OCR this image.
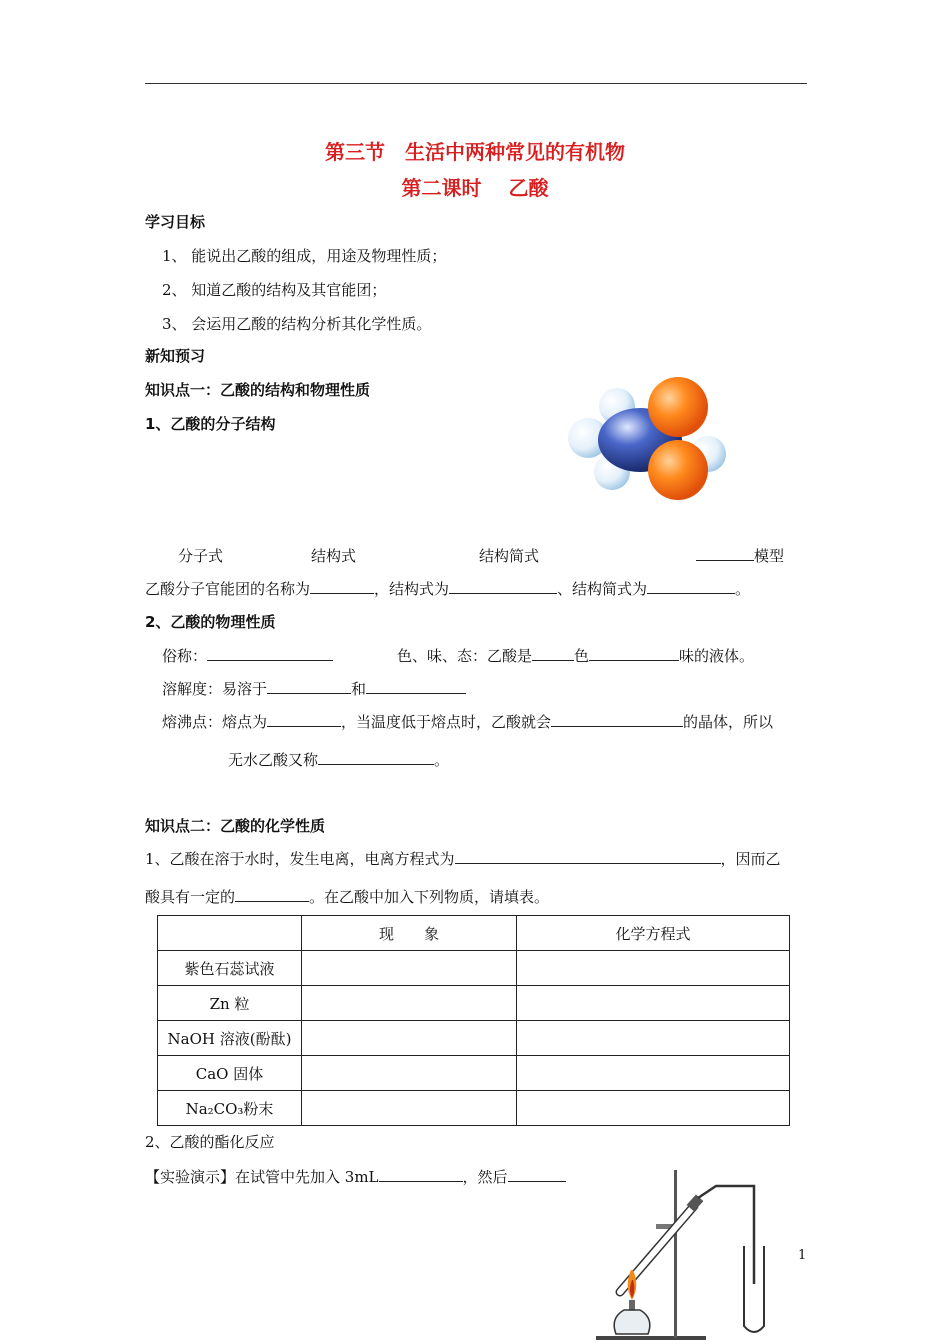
第三节　生活中两种常见的有机物
第二课时　 乙酸
学习目标
1、 能说出乙酸的组成，用途及物理性质；
2、 知道乙酸的结构及其官能团；
3、 会运用乙酸的结构分析其化学性质。
新知预习
知识点一：乙酸的结构和物理性质
1、乙酸的分子结构
分子式	结构式	结构简式	模型
乙酸分子官能团的名称为	，结构式为	、结构简式为	。
2、乙酸的物理性质
俗称：	色、味、态：乙酸是	色	味的液体。
溶解度：易溶于	和
熔沸点：熔点为	，当温度低于熔点时，乙酸就会	的晶体，所以
无水乙酸又称	。
知识点二：乙酸的化学性质
1、乙酸在溶于水时，发生电离，电离方程式为	，因而乙
酸具有一定的	。在乙酸中加入下列物质，请填表。
	现　　象	化学方程式
紫色石蕊试液		
Zn 粒		
NaOH 溶液(酚酞)		
CaO 固体		
Na₂CO₃粉末		
2、乙酸的酯化反应
【实验演示】在试管中先加入 3mL	，然后
1
